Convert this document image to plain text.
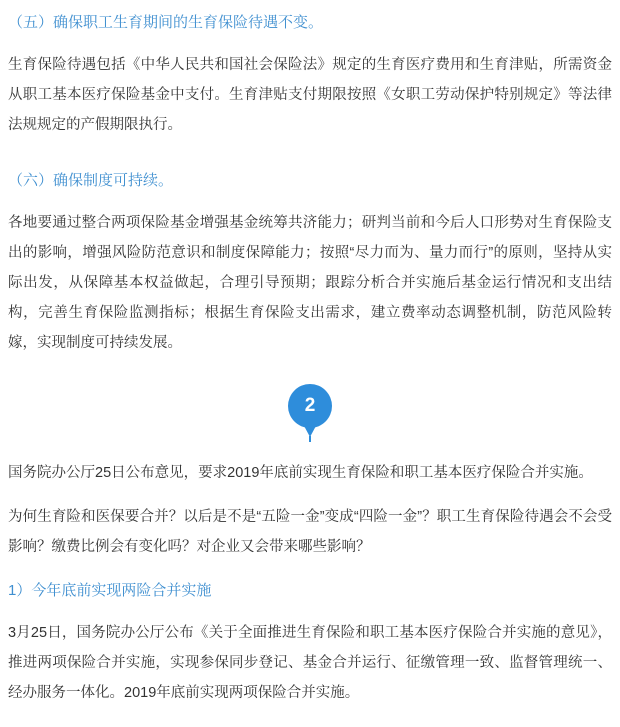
（五）确保职工生育期间的生育保险待遇不变。

生育保险待遇包括《中华人民共和国社会保险法》规定的生育医疗费用和生育津贴，所需资金从职工基本医疗保险基金中支付。生育津贴支付期限按照《女职工劳动保护特别规定》等法律法规规定的产假期限执行。

（六）确保制度可持续。

各地要通过整合两项保险基金增强基金统筹共济能力；研判当前和今后人口形势对生育保险支出的影响，增强风险防范意识和制度保障能力；按照“尽力而为、量力而行”的原则，坚持从实际出发，从保障基本权益做起，合理引导预期；跟踪分析合并实施后基金运行情况和支出结构，完善生育保险监测指标；根据生育保险支出需求，建立费率动态调整机制，防范风险转嫁，实现制度可持续发展。

2

国务院办公厅25日公布意见，要求2019年底前实现生育保险和职工基本医疗保险合并实施。

为何生育险和医保要合并？以后是不是“五险一金”变成“四险一金”？职工生育保险待遇会不会受影响？缴费比例会有变化吗？对企业又会带来哪些影响？

1）今年底前实现两险合并实施

3月25日，国务院办公厅公布《关于全面推进生育保险和职工基本医疗保险合并实施的意见》，推进两项保险合并实施，实现参保同步登记、基金合并运行、征缴管理一致、监督管理统一、经办服务一体化。2019年底前实现两项保险合并实施。
